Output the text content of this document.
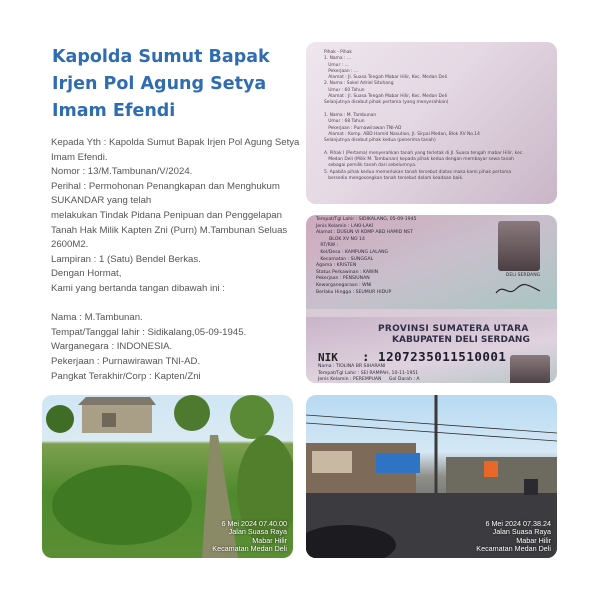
Kapolda Sumut Bapak Irjen Pol Agung Setya Imam Efendi

Kepada Yth : Kapolda Sumut Bapak Irjen Pol Agung Setya Imam Efendi.

Nomor : 13/M.Tambunan/V/2024.

Perihal : Permohonan Penangkapan dan Menghukum SUKANDAR yang telah

melakukan Tindak Pidana Penipuan dan Penggelapan Tanah Hak Milik Kapten Zni (Purn) M.Tambunan Seluas 2600M2.

Lampiran : 1 (Satu) Bendel Berkas.

Dengan Hormat,

Kami yang bertanda tangan dibawah ini :

Nama : M.Tambunan.

Tempat/Tanggal lahir : Sidikalang,05-09-1945.

Warganegara : INDONESIA.

Pekerjaan : Purnawirawan TNI-AD.

Pangkat Terakhir/Corp : Kapten/Zni

Pihak - Pihak
1. Nama : ...
Umur : ...
Pekerjaan : ...
Alamat : Jl. Suasa Tengah Mabar Hilir, Kec. Medan Deli
2. Nama : Sokel Adriel Sitohang
Umur : 60 Tahun
Alamat : Jl. Suasa Tengah Mabar Hilir, Kec. Medan Deli
Selanjutnya disebut pihak pertama (yang menyerahkan)

1. Nama : M. Tambunan
Umur : 68 Tahun
Pekerjaan : Purnawirawan TNI-AD
Alamat : Komp. ABD Hamid Nasution, Jl. Sirpai Medan, Blok XV No.14
Selanjutnya disebut pihak kedua (penerima tanah)

A. Pihak I (Pertama) menyerahkan tanah yang terletak di Jl. Suasa tengah mabar Hilir, kec.
Medan Deli (Milik M. Tambunan) kepada pihak kedua dengan membayar sewa tanah
sebagai pemilik tanah dari sebelumnya.
5. Apabila pihak kedua memerlukan tanah tersebut diatas maka kami pihak pertama
bersedia mengosongkan tanah tersebut dalam keadaan baik.
Tempat/Tgl Lahir : SIDIKALANG, 05-09-1945
Jenis Kelamin : LAKI-LAKI
Alamat : DUSUN VI KOMP ABD HAMID NST
BLOK XV NO 14
RT/RW :
Kel/Desa : KAMPUNG LALANG
Kecamatan : SUNGGAL
Agama : KRISTEN
Status Perkawinan : KAWIN
Pekerjaan : PENSIUNAN
Kewarganegaraan : WNI
Berlaku Hingga : SEUMUR HIDUP
DELI SERDANG
PROVINSI SUMATERA UTARA
KABUPATEN DELI SERDANG
NIK : 1207235011510001
Nama : TIOLINA BR SIHARANI
Tempat/Tgl Lahir : SEI RAMPAH, 10-11-1951
Jenis Kelamin : PEREMPUAN     Gol Darah : A
6 Mei 2024 07.40.00
Jalan Suasa Raya
Mabar Hilir
Kecamatan Medan Deli
6 Mei 2024 07.38.24
Jalan Suasa Raya
Mabar Hilir
Kecamatan Medan Deli
